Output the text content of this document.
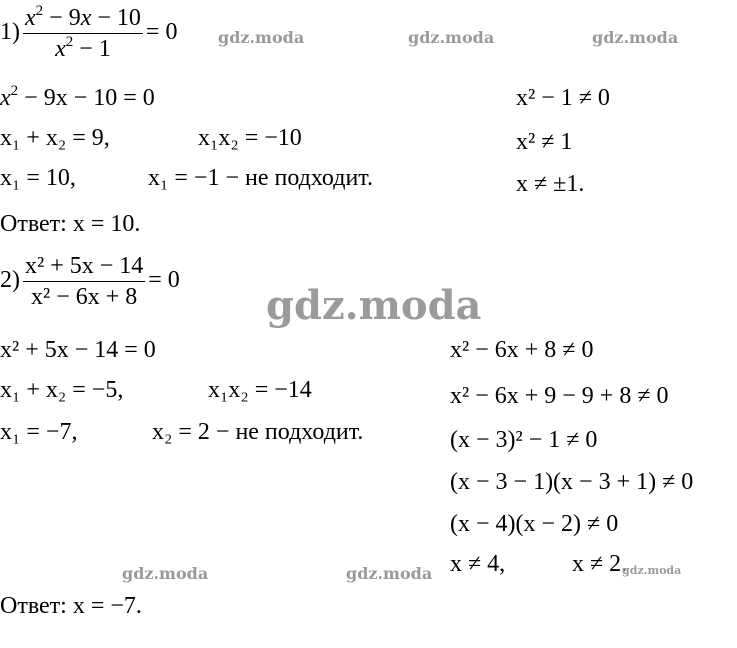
$1) \frac{x^2 - 9x - 10}{x^2 - 1} = 0$
$x^2 - 9x - 10 = 0$
x₁ + x₂ = 9,	x₁x₂ = −10
x₁ = 10,	x₁ = −1 − не подходит.
x² − 1 ≠ 0
x² ≠ 1
x ≠ ±1.
Ответ: x = 10.
$2) \frac{\text{x² + 5x − 14}}{\text{x² − 6x + 8}} = 0$
x² + 5x − 14 = 0
x₁ + x₂ = −5,	x₁x₂ = −14
x₁ = −7,	x₂ = 2 − не подходит.
x² − 6x + 8 ≠ 0
x² − 6x + 9 − 9 + 8 ≠ 0
(x − 3)² − 1 ≠ 0
(x − 3 − 1)(x − 3 + 1) ≠ 0
(x − 4)(x − 2) ≠ 0
x ≠ 4,	x ≠ 2.
Ответ: x = −7.
gdz.moda	gdz.moda	gdz.moda
gdz.moda
gdz.moda	gdz.moda	gdz.moda
